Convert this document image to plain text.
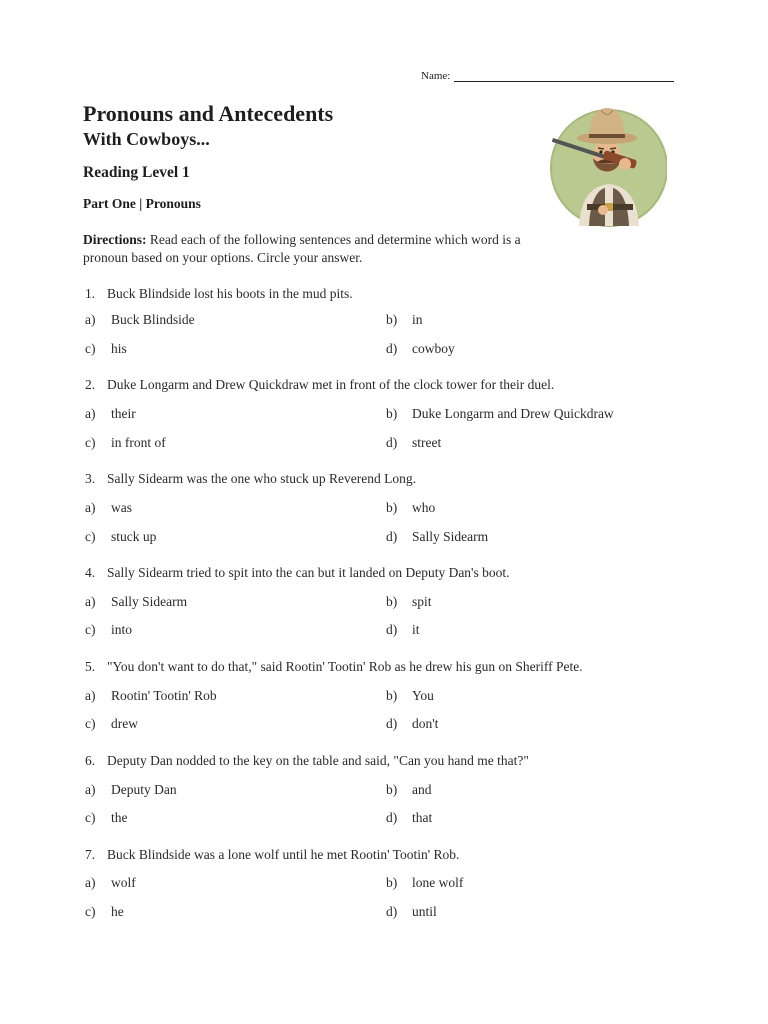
Name:
Pronouns and Antecedents
With Cowboys...
Reading Level 1
Part One | Pronouns
Directions: Read each of the following sentences and determine which word is a pronoun based on your options. Circle your answer.
1. Buck Blindside lost his boots in the mud pits.
a) Buck Blindside	b) in
c) his	d) cowboy
2. Duke Longarm and Drew Quickdraw met in front of the clock tower for their duel.
a) their	b) Duke Longarm and Drew Quickdraw
c) in front of	d) street
3. Sally Sidearm was the one who stuck up Reverend Long.
a) was	b) who
c) stuck up	d) Sally Sidearm
4. Sally Sidearm tried to spit into the can but it landed on Deputy Dan's boot.
a) Sally Sidearm	b) spit
c) into	d) it
5. "You don't want to do that," said Rootin' Tootin' Rob as he drew his gun on Sheriff Pete.
a) Rootin' Tootin' Rob	b) You
c) drew	d) don't
6. Deputy Dan nodded to the key on the table and said, "Can you hand me that?"
a) Deputy Dan	b) and
c) the	d) that
7. Buck Blindside was a lone wolf until he met Rootin' Tootin' Rob.
a) wolf	b) lone wolf
c) he	d) until
